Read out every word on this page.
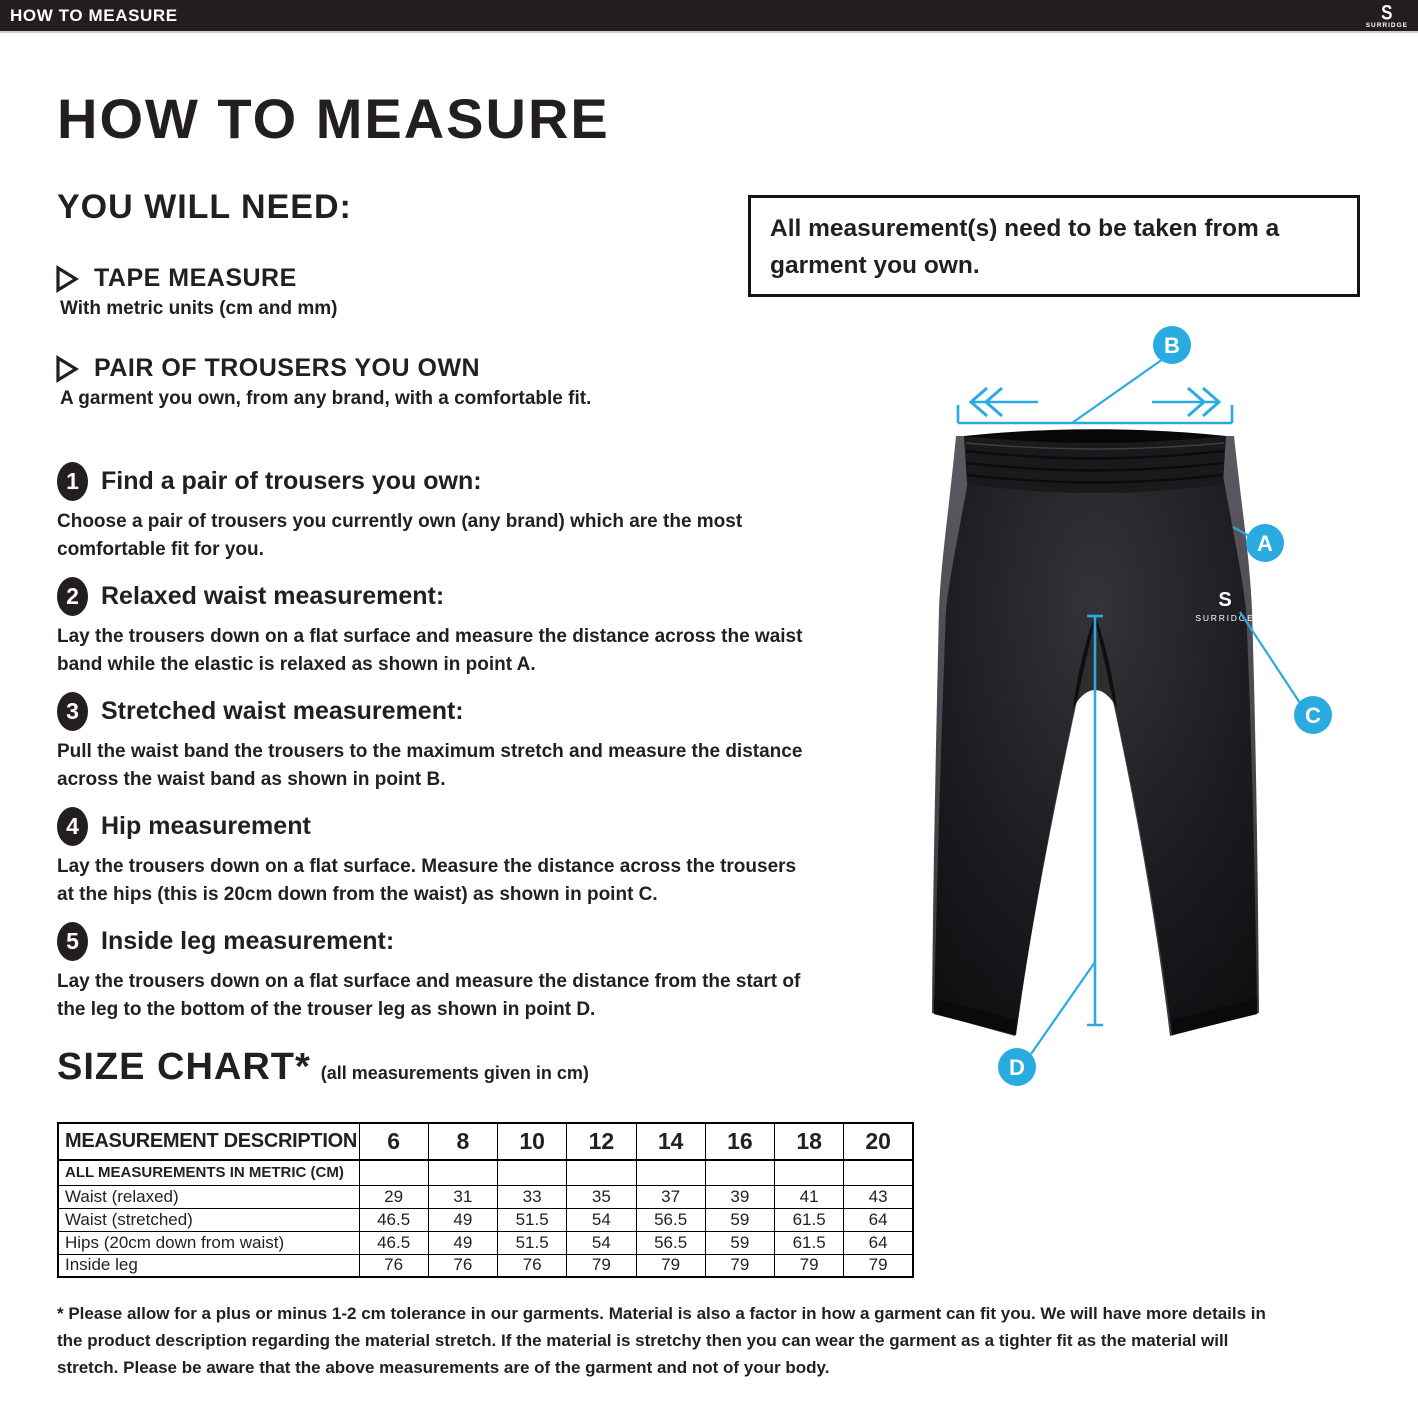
HOW TO MEASURE	S
SURRIDGE
HOW TO MEASURE
YOU WILL NEED:
TAPE MEASURE
With metric units (cm and mm)
PAIR OF TROUSERS YOU OWN
A garment you own, from any brand, with a comfortable fit.
All measurement(s) need to be taken from a garment you own.
1 Find a pair of trousers you own:
Choose a pair of trousers you currently own (any brand) which are the most comfortable fit for you.
2 Relaxed waist measurement:
Lay the trousers down on a flat surface and measure the distance across the waist band while the elastic is relaxed as shown in point A.
3 Stretched waist measurement:
Pull the waist band the trousers to the maximum stretch and measure the distance across the waist band as shown in point B.
4 Hip measurement
Lay the trousers down on a flat surface. Measure the distance across the trousers at the hips (this is 20cm down from the waist) as shown in point C.
5 Inside leg measurement:
Lay the trousers down on a flat surface and measure the distance from the start of the leg to the bottom of the trouser leg as shown in point D.
S
SURRIDGE
B
A
C
D
SIZE CHART* (all measurements given in cm)
MEASUREMENT DESCRIPTION	6	8	10	12	14	16	18	20
ALL MEASUREMENTS IN METRIC (CM)								
Waist (relaxed)	29	31	33	35	37	39	41	43
Waist (stretched)	46.5	49	51.5	54	56.5	59	61.5	64
Hips (20cm down from waist)	46.5	49	51.5	54	56.5	59	61.5	64
Inside leg	76	76	76	79	79	79	79	79
* Please allow for a plus or minus 1-2 cm tolerance in our garments. Material is also a factor in how a garment can fit you. We will have more details in the product description regarding the material stretch. If the material is stretchy then you can wear the garment as a tighter fit as the material will stretch. Please be aware that the above measurements are of the garment and not of your body.
